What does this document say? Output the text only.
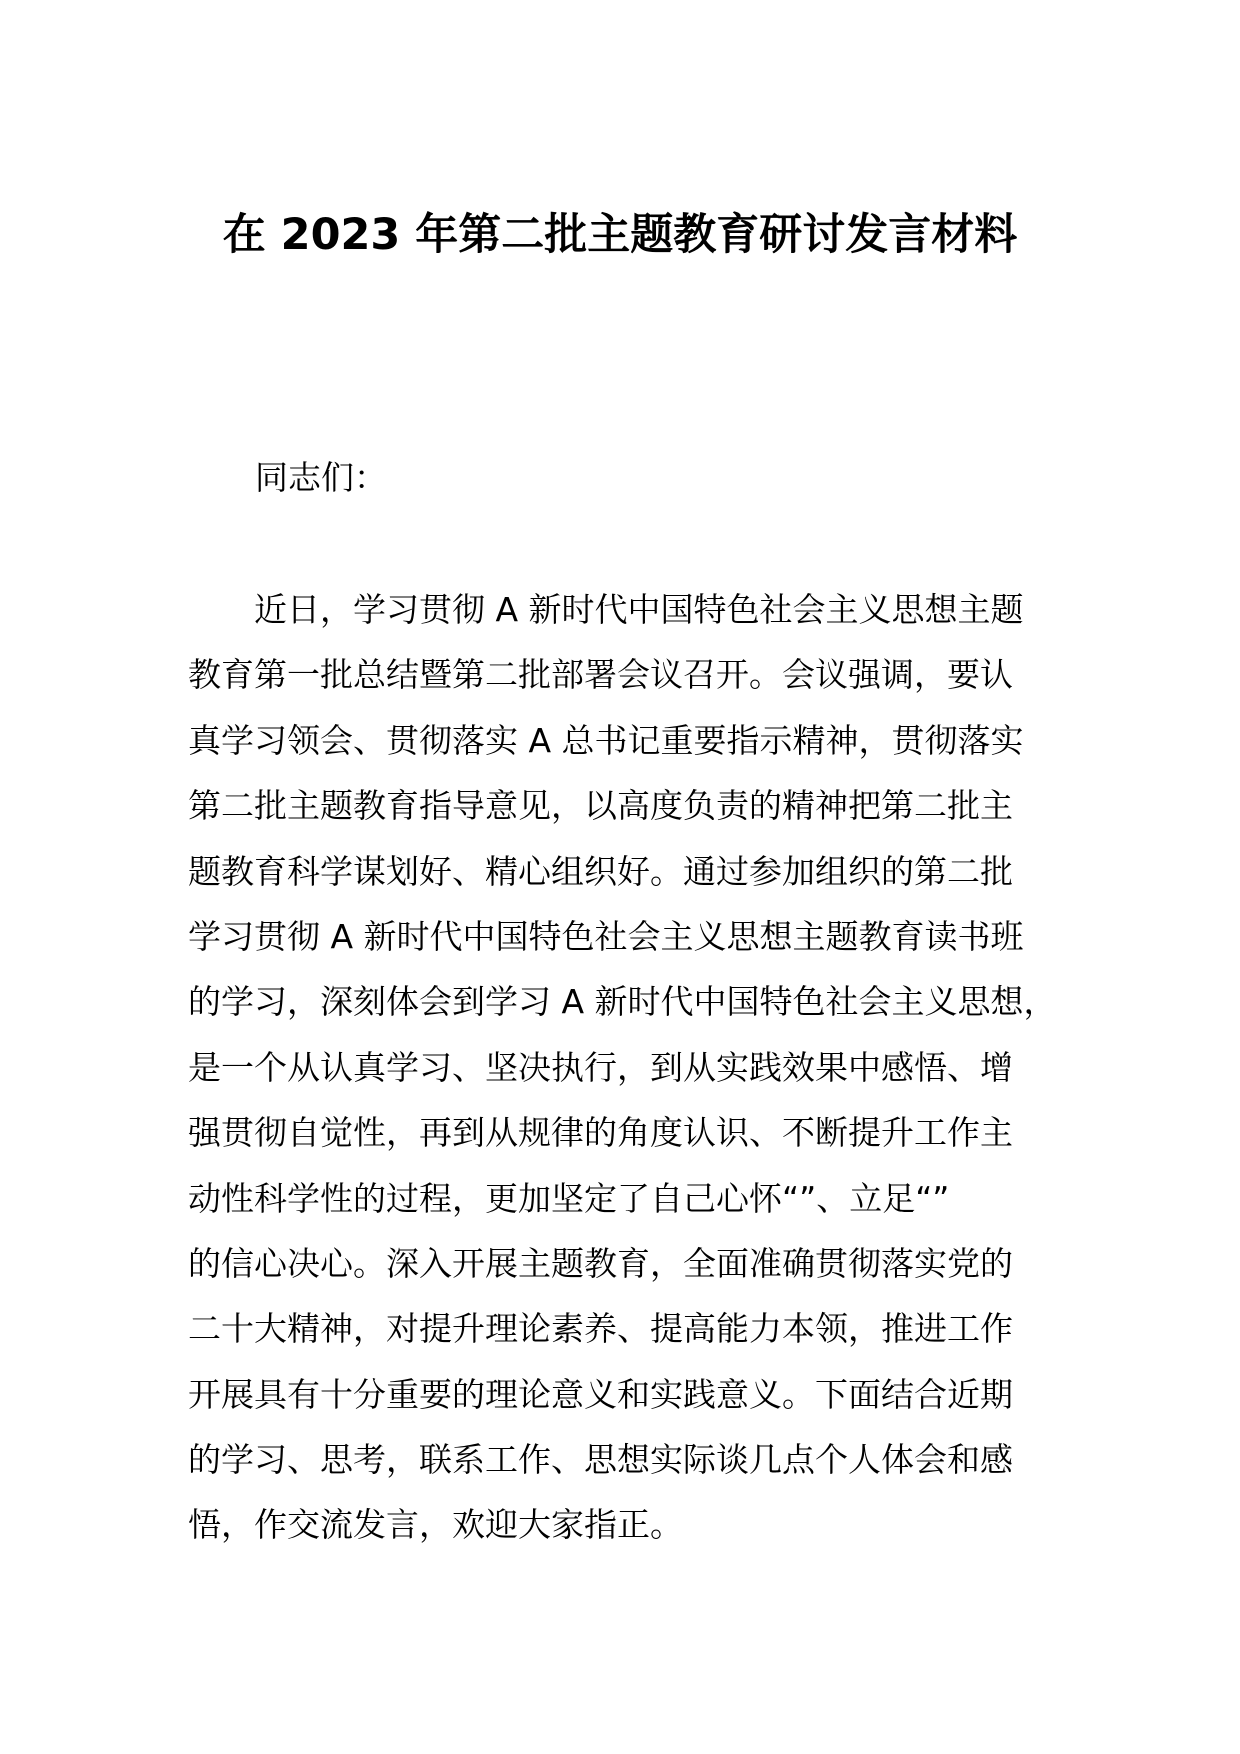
在 2023 年第二批主题教育研讨发言材料

同志们：

近日，学习贯彻 A 新时代中国特色社会主义思想主题
教育第一批总结暨第二批部署会议召开。会议强调，要认
真学习领会、贯彻落实 A 总书记重要指示精神，贯彻落实
第二批主题教育指导意见，以高度负责的精神把第二批主
题教育科学谋划好、精心组织好。通过参加组织的第二批
学习贯彻 A 新时代中国特色社会主义思想主题教育读书班
的学习，深刻体会到学习 A 新时代中国特色社会主义思想，
是一个从认真学习、坚决执行，到从实践效果中感悟、增
强贯彻自觉性，再到从规律的角度认识、不断提升工作主
动性科学性的过程，更加坚定了自己心怀“”、立足“”
的信心决心。深入开展主题教育，全面准确贯彻落实党的
二十大精神，对提升理论素养、提高能力本领，推进工作
开展具有十分重要的理论意义和实践意义。下面结合近期
的学习、思考，联系工作、思想实际谈几点个人体会和感
悟，作交流发言，欢迎大家指正。
